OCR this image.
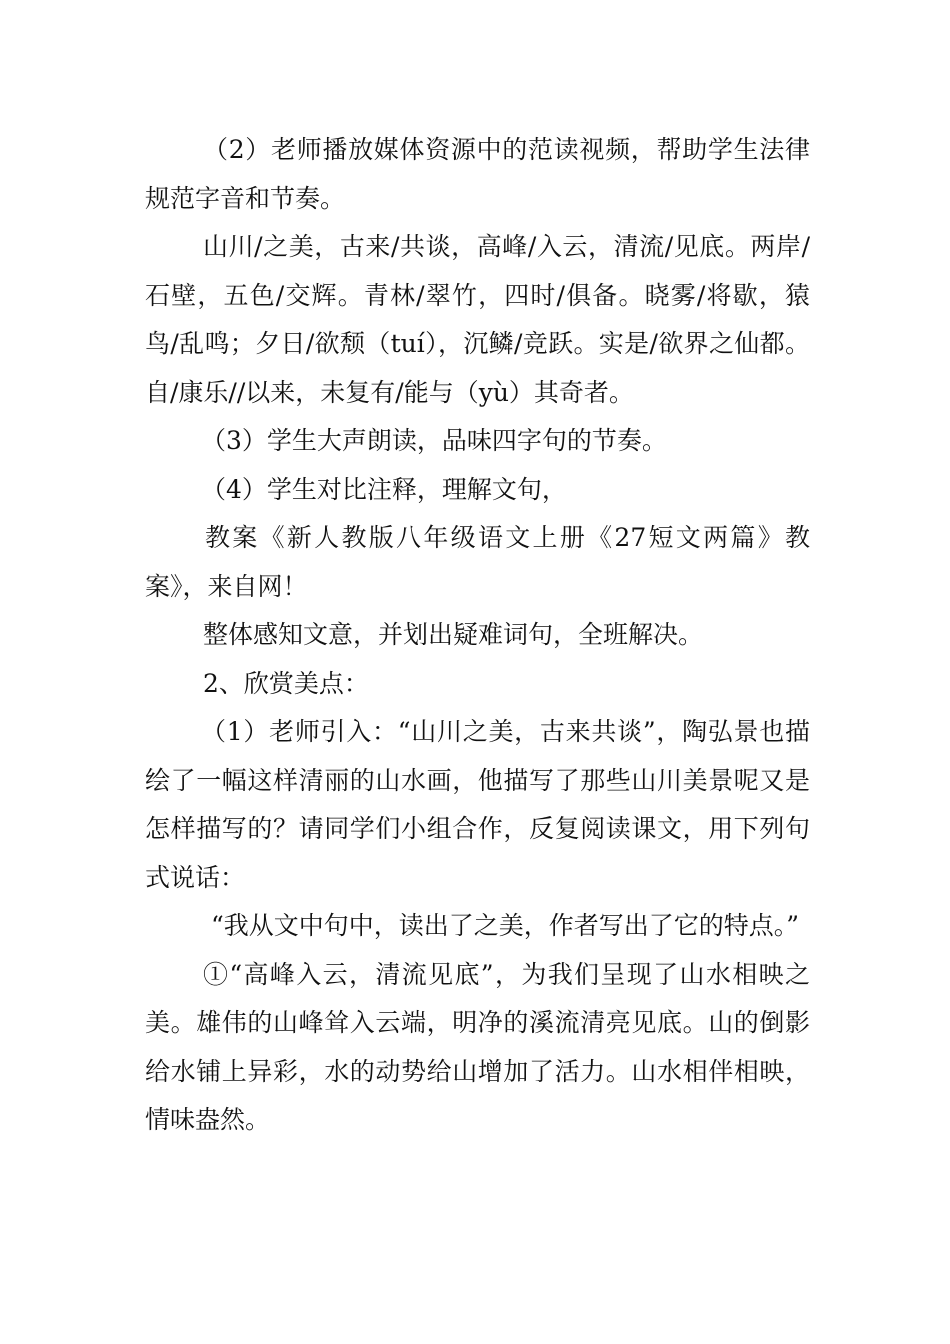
（2）老师播放媒体资源中的范读视频，帮助学生法律规范字音和节奏。

山川/之美，古来/共谈，高峰/入云，清流/见底。两岸/石壁，五色/交辉。青林/翠竹，四时/俱备。晓雾/将歇，猿鸟/乱鸣；夕日/欲颓（tuí），沉鳞/竞跃。实是/欲界之仙都。自/康乐//以来，未复有/能与（yù）其奇者。

（3）学生大声朗读，品味四字句的节奏。

（4）学生对比注释，理解文句，

教案《新人教版八年级语文上册《27短文两篇》教案》，来自网！

整体感知文意，并划出疑难词句，全班解决。

2、欣赏美点：

（1）老师引入：“山川之美，古来共谈”，陶弘景也描绘了一幅这样清丽的山水画，他描写了那些山川美景呢又是怎样描写的？请同学们小组合作，反复阅读课文，用下列句式说话：

“我从文中句中，读出了之美，作者写出了它的特点。”

①“高峰入云，清流见底”，为我们呈现了山水相映之美。雄伟的山峰耸入云端，明净的溪流清亮见底。山的倒影给水铺上异彩，水的动势给山增加了活力。山水相伴相映，情味盎然。
